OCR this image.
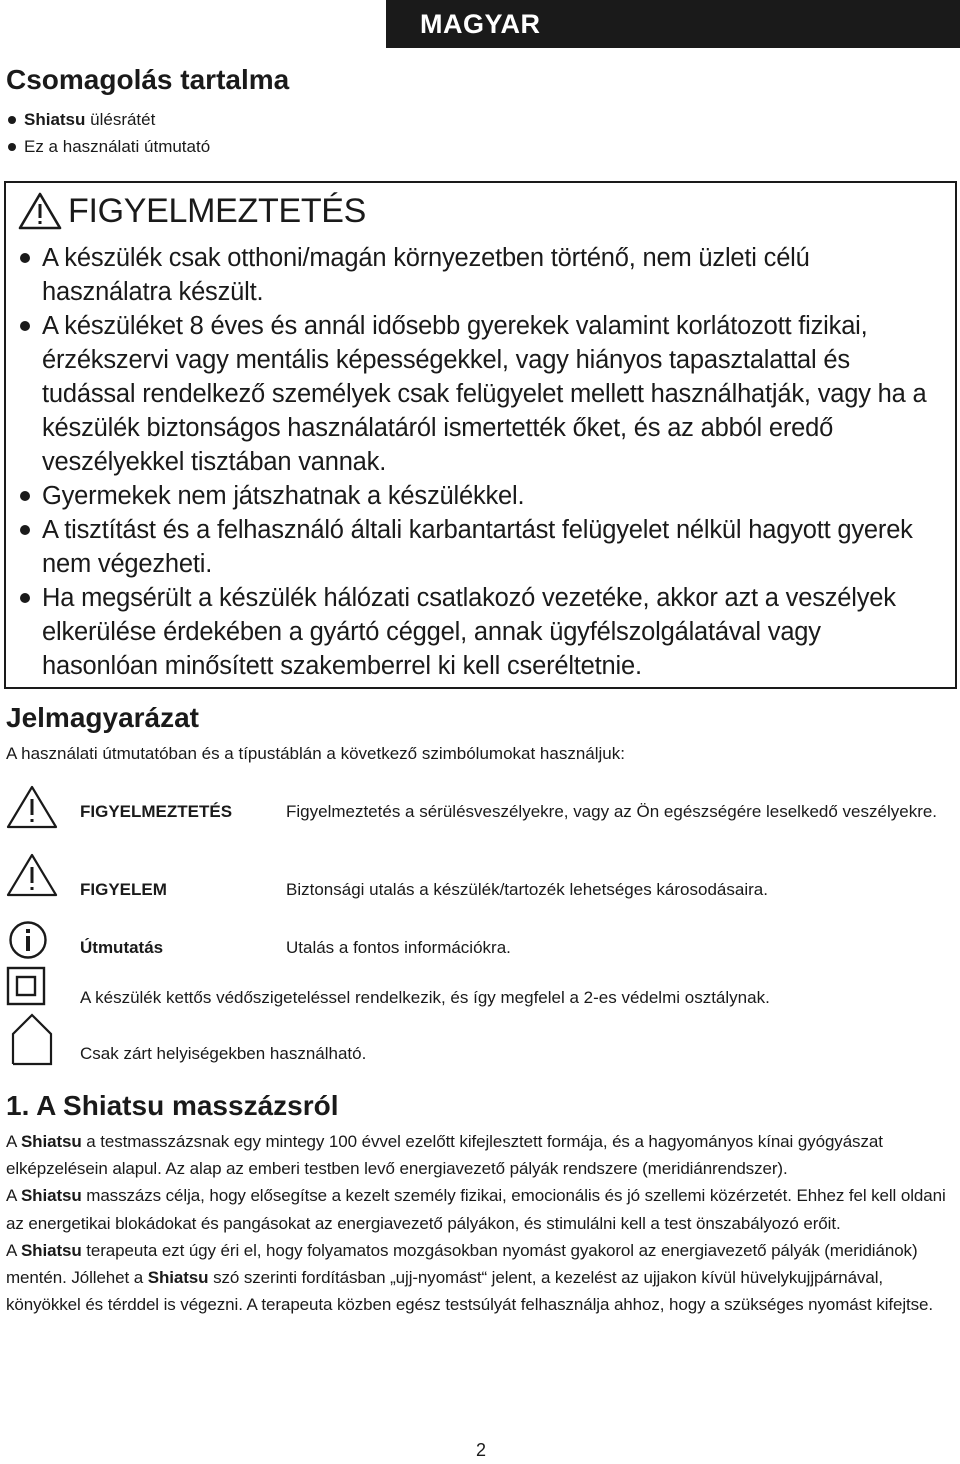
MAGYAR
Csomagolás tartalma
Shiatsu ülésrátét
Ez a használati útmutató
FIGYELMEZTETÉS
A készülék csak otthoni/magán környezetben történő, nem üzleti célú használatra készült.
A készüléket 8 éves és annál idősebb gyerekek valamint korlátozott fizikai, érzékszervi vagy mentális képességekkel, vagy hiányos tapasztalattal és tudással rendelkező személyek csak felügyelet mellett használhatják, vagy ha a készülék biztonságos használatáról ismertették őket, és az abból eredő veszélyekkel tisztában vannak.
Gyermekek nem játszhatnak a készülékkel.
A tisztítást és a felhasználó általi karbantartást felügyelet nélkül hagyott gyerek nem végezheti.
Ha megsérült a készülék hálózati csatlakozó vezetéke, akkor azt a veszélyek elkerülése érdekében a gyártó céggel, annak ügyfélszolgálatával vagy hasonlóan minősített szakemberrel ki kell cseréltetnie.
Jelmagyarázat
A használati útmutatóban és a típustáblán a következő szimbólumokat használjuk:
FIGYELMEZTETÉS	Figyelmeztetés a sérülésveszélyekre, vagy az Ön egészségére leselkedő veszélyekre.
FIGYELEM	Biztonsági utalás a készülék/tartozék lehetséges károsodásaira.
Útmutatás	Utalás a fontos információkra.
A készülék kettős védőszigeteléssel rendelkezik, és így megfelel a 2-es védelmi osztálynak.
Csak zárt helyiségekben használható.
1. A Shiatsu masszázsról

A Shiatsu a testmasszázsnak egy mintegy 100 évvel ezelőtt kifejlesztett formája, és a hagyományos kínai gyógyászat elképzelésein alapul. Az alap az emberi testben levő energiavezető pályák rendszere (meridiánrendszer).

A Shiatsu masszázs célja, hogy elősegítse a kezelt személy fizikai, emocionális és jó szellemi közérzetét. Ehhez fel kell oldani az energetikai blokádokat és pangásokat az energiavezető pályákon, és stimulálni kell a test önszabályozó erőit.

A Shiatsu terapeuta ezt úgy éri el, hogy folyamatos mozgásokban nyomást gyakorol az energiavezető pályák (meridiánok) mentén. Jóllehet a Shiatsu szó szerinti fordításban „ujj-nyomást“ jelent, a kezelést az ujjakon kívül hüvelykujjpárnával, könyökkel és térddel is végezni. A terapeuta közben egész testsúlyát felhasználja ahhoz, hogy a szükséges nyomást kifejtse.

2
